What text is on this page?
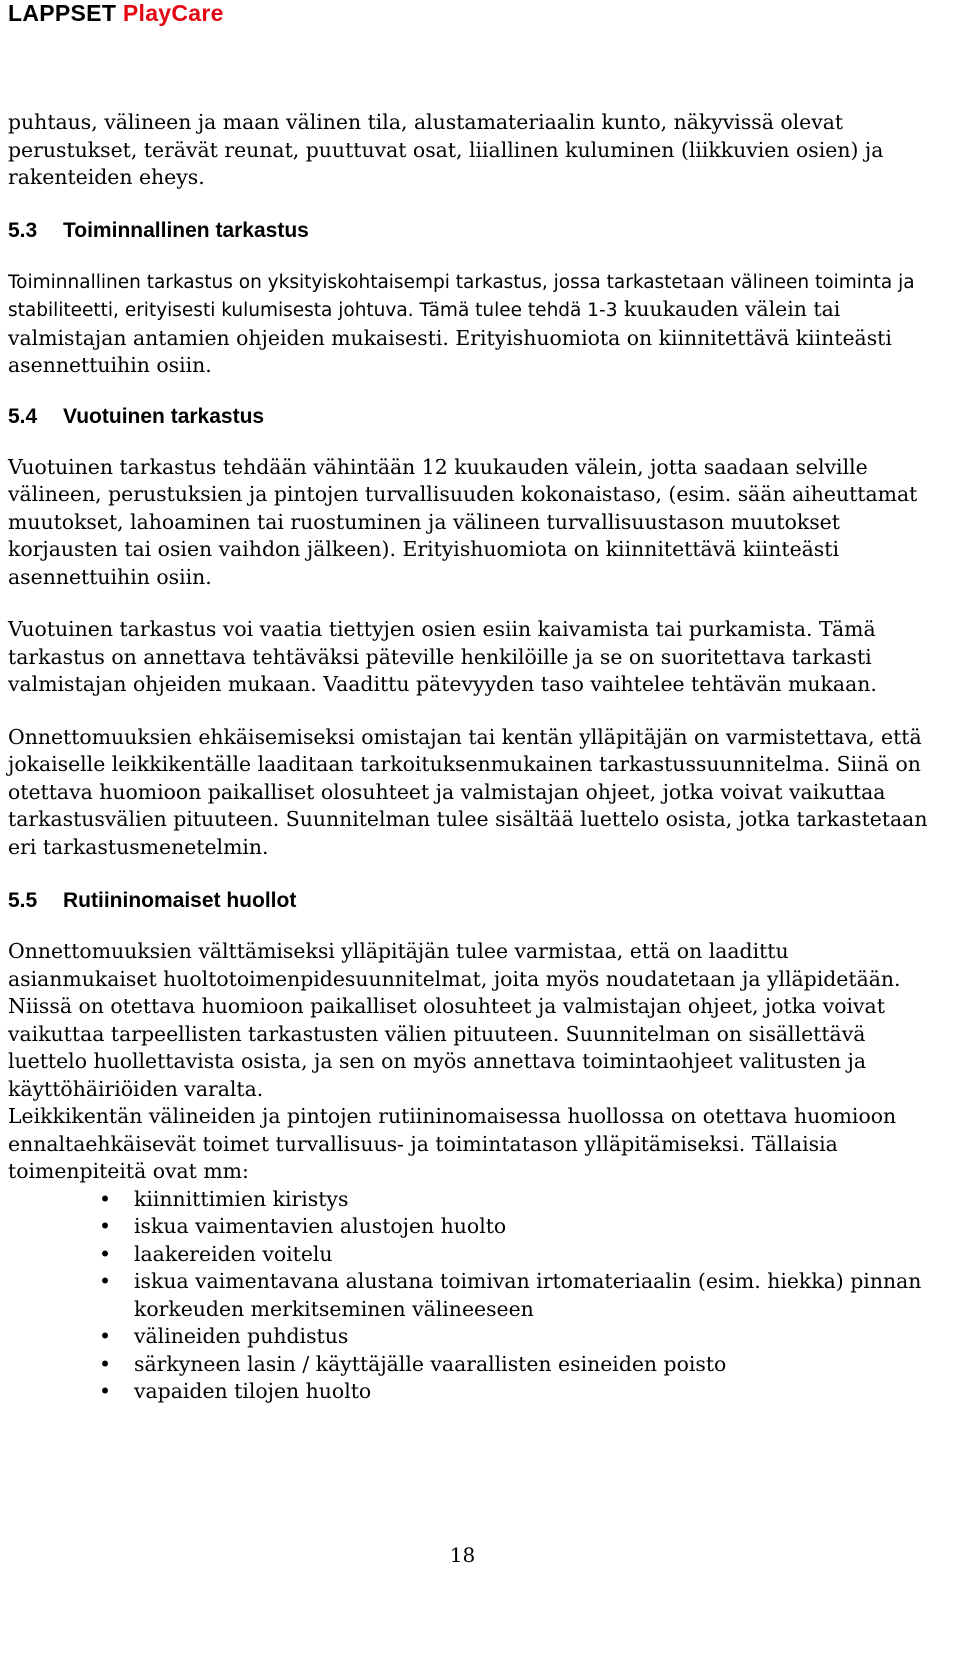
LAPPSET PlayCare

puhtaus, välineen ja maan välinen tila, alustamateriaalin kunto, näkyvissä olevat perustukset, terävät reunat, puuttuvat osat, liiallinen kuluminen (liikkuvien osien) ja rakenteiden eheys.

5.3 Toiminnallinen tarkastus

Toiminnallinen tarkastus on yksityiskohtaisempi tarkastus, jossa tarkastetaan välineen toiminta ja stabiliteetti, erityisesti kulumisesta johtuva. Tämä tulee tehdä 1-3 kuukauden välein tai valmistajan antamien ohjeiden mukaisesti. Erityishuomiota on kiinnitettävä kiinteästi asennettuihin osiin.

5.4 Vuotuinen tarkastus

Vuotuinen tarkastus tehdään vähintään 12 kuukauden välein, jotta saadaan selville välineen, perustuksien ja pintojen turvallisuuden kokonaistaso, (esim. sään aiheuttamat muutokset, lahoaminen tai ruostuminen ja välineen turvallisuustason muutokset korjausten tai osien vaihdon jälkeen). Erityishuomiota on kiinnitettävä kiinteästi asennettuihin osiin.

Vuotuinen tarkastus voi vaatia tiettyjen osien esiin kaivamista tai purkamista. Tämä tarkastus on annettava tehtäväksi päteville henkilöille ja se on suoritettava tarkasti valmistajan ohjeiden mukaan. Vaadittu pätevyyden taso vaihtelee tehtävän mukaan.

Onnettomuuksien ehkäisemiseksi omistajan tai kentän ylläpitäjän on varmistettava, että jokaiselle leikkikentälle laaditaan tarkoituksenmukainen tarkastussuunnitelma. Siinä on otettava huomioon paikalliset olosuhteet ja valmistajan ohjeet, jotka voivat vaikuttaa tarkastusvälien pituuteen. Suunnitelman tulee sisältää luettelo osista, jotka tarkastetaan eri tarkastusmenetelmin.

5.5 Rutiininomaiset huollot

Onnettomuuksien välttämiseksi ylläpitäjän tulee varmistaa, että on laadittu asianmukaiset huoltotoimenpidesuunnitelmat, joita myös noudatetaan ja ylläpidetään. Niissä on otettava huomioon paikalliset olosuhteet ja valmistajan ohjeet, jotka voivat vaikuttaa tarpeellisten tarkastusten välien pituuteen. Suunnitelman on sisällettävä luettelo huollettavista osista, ja sen on myös annettava toimintaohjeet valitusten ja käyttöhäiriöiden varalta.

Leikkikentän välineiden ja pintojen rutiininomaisessa huollossa on otettava huomioon ennaltaehkäisevät toimet turvallisuus- ja toimintatason ylläpitämiseksi. Tällaisia toimenpiteitä ovat mm:

• kiinnittimien kiristys
• iskua vaimentavien alustojen huolto
• laakereiden voitelu
• iskua vaimentavana alustana toimivan irtomateriaalin (esim. hiekka) pinnan korkeuden merkitseminen välineeseen
• välineiden puhdistus
• särkyneen lasin / käyttäjälle vaarallisten esineiden poisto
• vapaiden tilojen huolto
18
